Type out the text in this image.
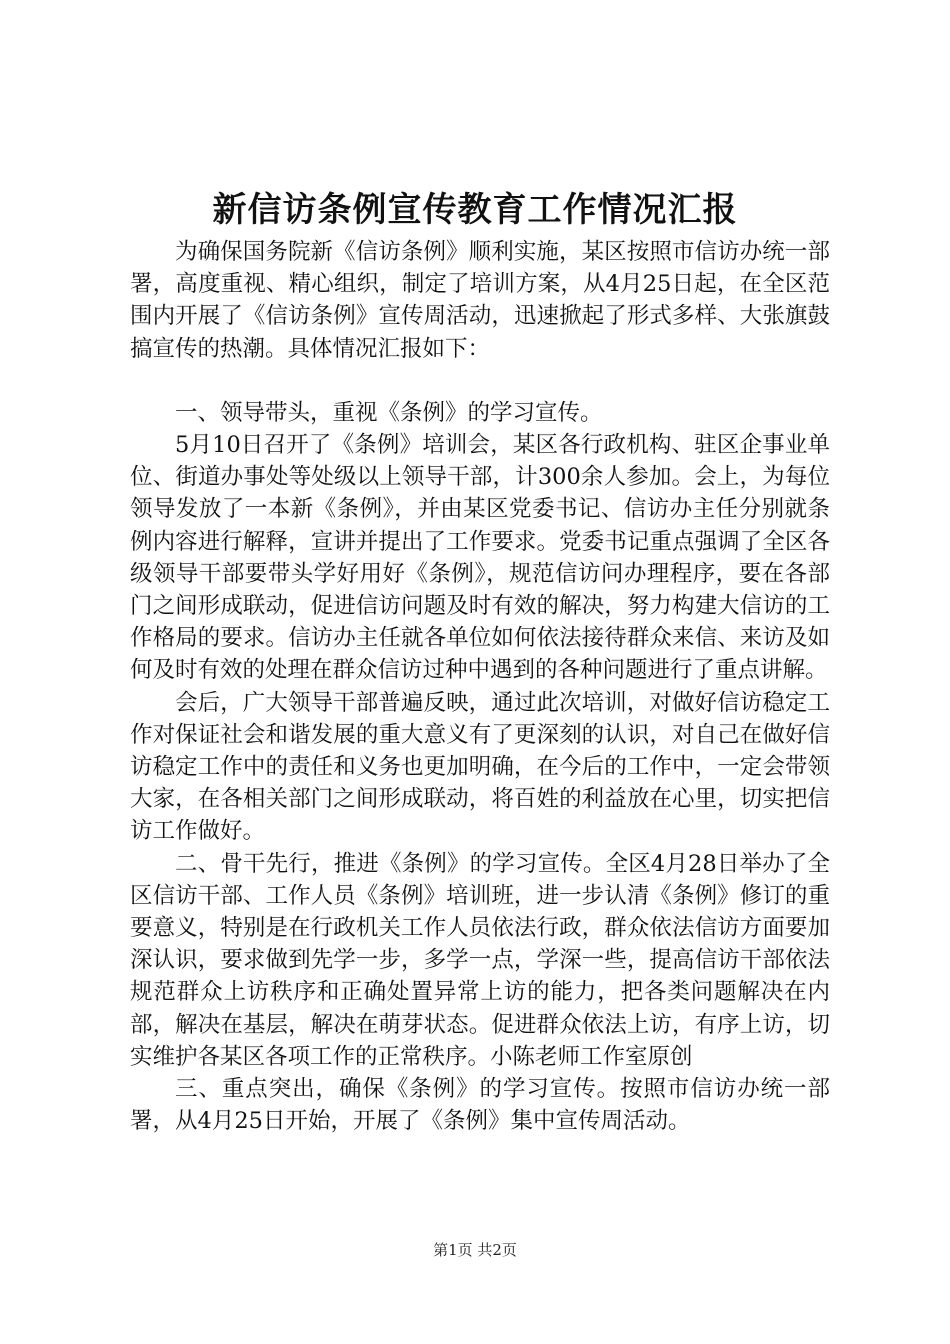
新信访条例宣传教育工作情况汇报

为确保国务院新《信访条例》顺利实施，某区按照市信访办统一部署，高度重视、精心组织，制定了培训方案，从4月25日起，在全区范围内开展了《信访条例》宣传周活动，迅速掀起了形式多样、大张旗鼓搞宣传的热潮。具体情况汇报如下：

一、领导带头，重视《条例》的学习宣传。

5月10日召开了《条例》培训会，某区各行政机构、驻区企事业单位、街道办事处等处级以上领导干部，计300余人参加。会上，为每位领导发放了一本新《条例》，并由某区党委书记、信访办主任分别就条例内容进行解释，宣讲并提出了工作要求。党委书记重点强调了全区各级领导干部要带头学好用好《条例》，规范信访问办理程序，要在各部门之间形成联动，促进信访问题及时有效的解决，努力构建大信访的工作格局的要求。信访办主任就各单位如何依法接待群众来信、来访及如何及时有效的处理在群众信访过种中遇到的各种问题进行了重点讲解。

会后，广大领导干部普遍反映，通过此次培训，对做好信访稳定工作对保证社会和谐发展的重大意义有了更深刻的认识，对自己在做好信访稳定工作中的责任和义务也更加明确，在今后的工作中，一定会带领大家，在各相关部门之间形成联动，将百姓的利益放在心里，切实把信访工作做好。

二、骨干先行，推进《条例》的学习宣传。全区4月28日举办了全区信访干部、工作人员《条例》培训班，进一步认清《条例》修订的重要意义，特别是在行政机关工作人员依法行政，群众依法信访方面要加深认识，要求做到先学一步，多学一点，学深一些，提高信访干部依法规范群众上访秩序和正确处置异常上访的能力，把各类问题解决在内部，解决在基层，解决在萌芽状态。促进群众依法上访，有序上访，切实维护各某区各项工作的正常秩序。小陈老师工作室原创

三、重点突出，确保《条例》的学习宣传。按照市信访办统一部署，从4月25日开始，开展了《条例》集中宣传周活动。

第1页 共2页
